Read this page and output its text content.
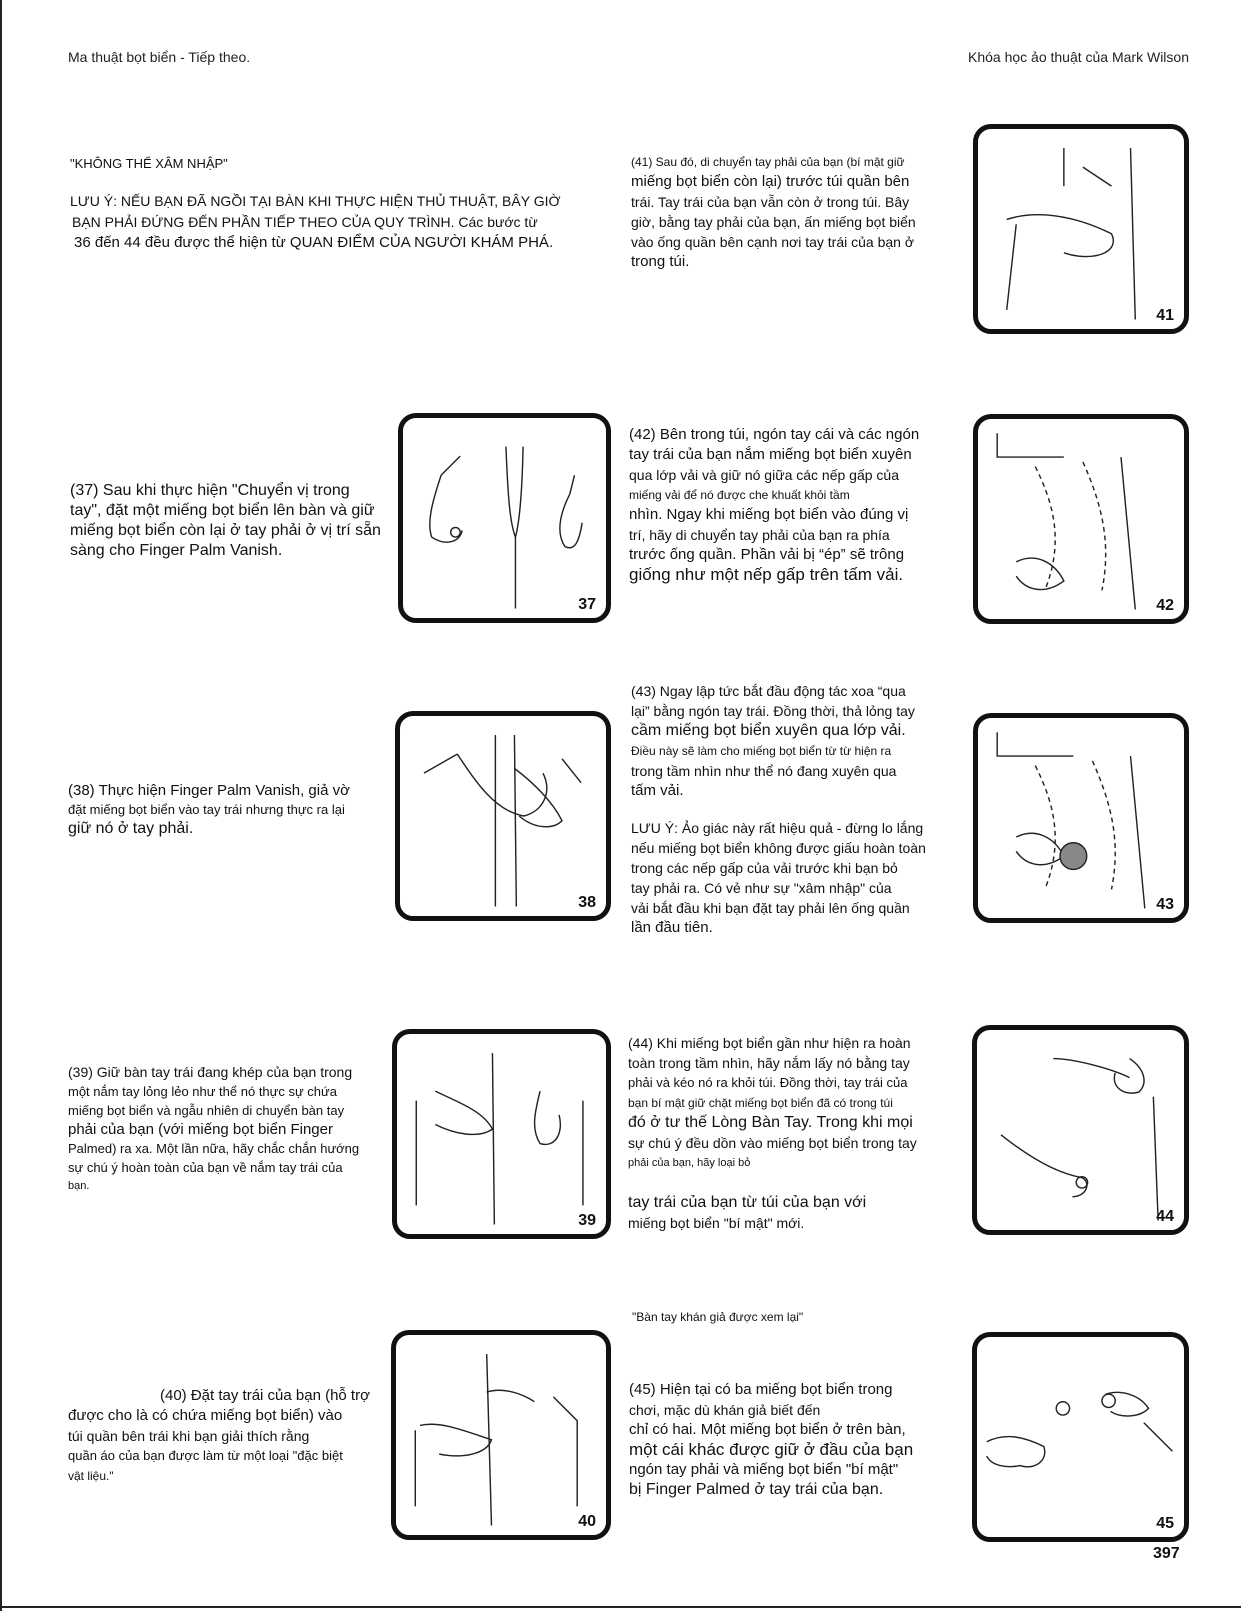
Ma thuật bọt biển - Tiếp theo.	Khóa học ảo thuật của Mark Wilson
"KHÔNG THỂ XÂM NHẬP"
LƯU Ý: NẾU BẠN ĐÃ NGỒI TẠI BÀN KHI THỰC HIỆN THỦ THUẬT, BÂY GIỜ
BẠN PHẢI ĐỨNG ĐẾN PHẦN TIẾP THEO CỦA QUY TRÌNH. Các bước từ
36 đến 44 đều được thể hiện từ QUAN ĐIỂM CỦA NGƯỜI KHÁM PHÁ.
(37) Sau khi thực hiện "Chuyển vị trong
tay", đặt một miếng bọt biển lên bàn và giữ
miếng bọt biển còn lại ở tay phải ở vị trí sẵn
sàng cho Finger Palm Vanish.
(38) Thực hiện Finger Palm Vanish, giả vờ
đặt miếng bọt biển vào tay trái nhưng thực ra lại
giữ nó ở tay phải.
(39) Giữ bàn tay trái đang khép của bạn trong
một nắm tay lỏng lẻo như thể nó thực sự chứa
miếng bọt biển và ngẫu nhiên di chuyển bàn tay
phải của bạn (với miếng bọt biển Finger
Palmed) ra xa. Một lần nữa, hãy chắc chắn hướng
sự chú ý hoàn toàn của bạn về nắm tay trái của
bạn.
(40) Đặt tay trái của bạn (hỗ trợ
được cho là có chứa miếng bọt biển) vào
túi quần bên trái khi bạn giải thích rằng
quần áo của bạn được làm từ một loại "đặc biệt
vật liệu."
(41) Sau đó, di chuyển tay phải của bạn (bí mật giữ
miếng bọt biển còn lại) trước túi quần bên
trái. Tay trái của bạn vẫn còn ở trong túi. Bây
giờ, bằng tay phải của bạn, ấn miếng bọt biển
vào ống quần bên cạnh nơi tay trái của bạn ở
trong túi.
(42) Bên trong túi, ngón tay cái và các ngón
tay trái của bạn nắm miếng bọt biển xuyên
qua lớp vải và giữ nó giữa các nếp gấp của
miếng vải để nó được che khuất khỏi tầm
nhìn. Ngay khi miếng bọt biển vào đúng vị
trí, hãy di chuyển tay phải của bạn ra phía
trước ống quần. Phần vải bị “ép” sẽ trông
giống như một nếp gấp trên tấm vải.
(43) Ngay lập tức bắt đầu động tác xoa “qua
lại” bằng ngón tay trái. Đồng thời, thả lỏng tay
cầm miếng bọt biển xuyên qua lớp vải.
Điều này sẽ làm cho miếng bọt biển từ từ hiện ra
trong tầm nhìn như thể nó đang xuyên qua
tấm vải.
LƯU Ý: Ảo giác này rất hiệu quả - đừng lo lắng
nếu miếng bọt biển không được giấu hoàn toàn
trong các nếp gấp của vải trước khi bạn bỏ
tay phải ra. Có vẻ như sự "xâm nhập" của
vải bắt đầu khi bạn đặt tay phải lên ống quần
lần đầu tiên.
(44) Khi miếng bọt biển gần như hiện ra hoàn
toàn trong tầm nhìn, hãy nắm lấy nó bằng tay
phải và kéo nó ra khỏi túi. Đồng thời, tay trái của
bạn bí mật giữ chặt miếng bọt biển đã có trong túi
đó ở tư thế Lòng Bàn Tay. Trong khi mọi
sự chú ý đều dồn vào miếng bọt biển trong tay
phải của bạn, hãy loại bỏ
tay trái của bạn từ túi của bạn với
miếng bọt biển "bí mật" mới.
"Bàn tay khán giả được xem lại"
(45) Hiện tại có ba miếng bọt biển trong
chơi, mặc dù khán giả biết đến
chỉ có hai. Một miếng bọt biển ở trên bàn,
một cái khác được giữ ở đầu của bạn
ngón tay phải và miếng bọt biển "bí mật"
bị Finger Palmed ở tay trái của bạn.
37
38
39
40
41
42
43
44
45
397
